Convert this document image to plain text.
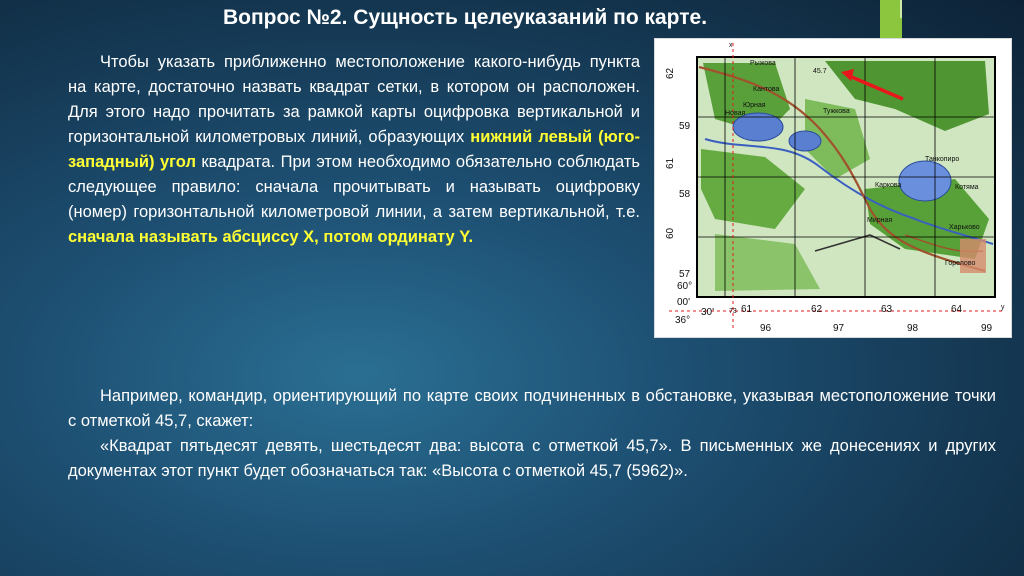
Вопрос №2. Сущность целеуказаний по карте.
Чтобы указать приближенно местоположение какого-нибудь пункта на карте, достаточно назвать квадрат сетки, в котором он расположен. Для этого надо прочитать за рамкой карты оцифровка вертикальной и горизонтальной километровых линий, образующих нижний левый (юго-западный) угол квадрата. При этом необходимо обязательно соблюдать следующее правило: сначала прочитывать и называть оцифровку (номер) горизонтальной километровой линии, а затем вертикальной, т.е. сначала называть абсциссу Х, потом ординату Y.
x
y
45.7
Рыжова
Кантова
Тужкова
Юрная
Новая
Каркова
Танкопиро
Котяма
Харьково
Горелово
Мирная
62
59
61
58
60
57
60°
00'
36°
30' 73 61	62	63	64
96	97	98	99

Например, командир, ориентирующий по карте своих подчиненных в обстановке, указывая местоположение точки с отметкой 45,7, скажет:

«Квадрат пятьдесят девять, шестьдесят два: высота с отметкой 45,7». В письменных же донесениях и других документах этот пункт будет обозначаться так: «Высота с отметкой 45,7 (5962)».
